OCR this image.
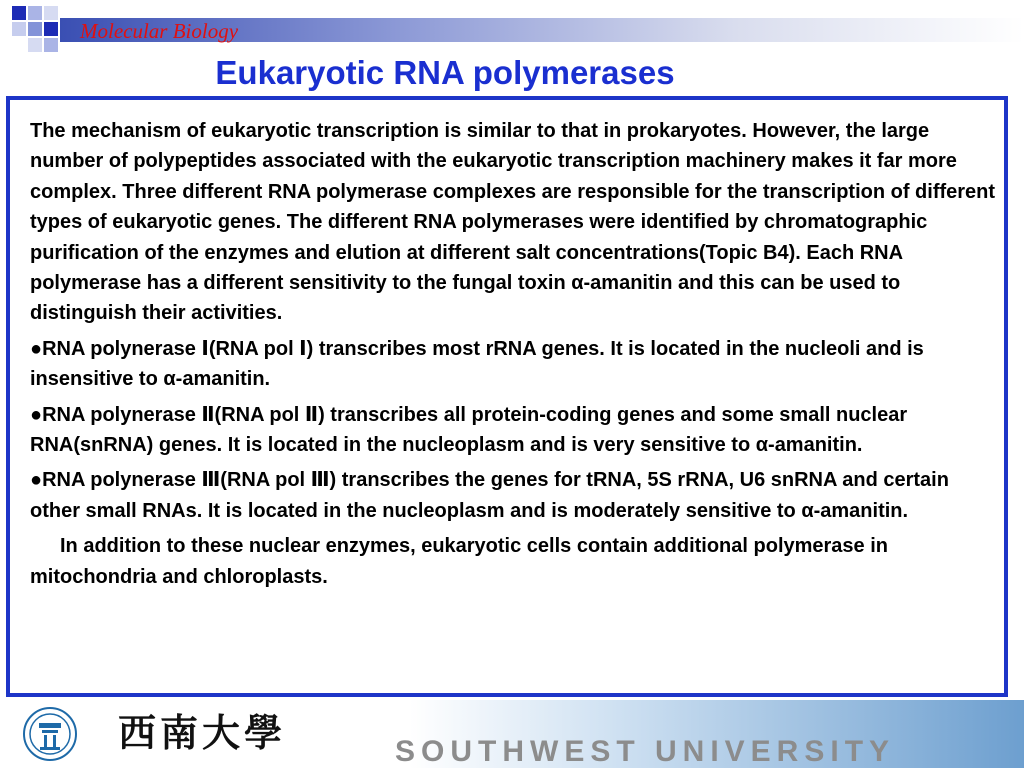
Molecular Biology
Eukaryotic RNA polymerases

The mechanism of eukaryotic transcription is similar to that in prokaryotes. However, the large number of polypeptides associated with the eukaryotic transcription machinery makes it far more complex. Three different RNA polymerase complexes are responsible for the transcription of different types of eukaryotic genes. The different RNA polymerases were identified by chromatographic purification of the enzymes and elution at different salt concentrations(Topic B4). Each RNA polymerase has a different sensitivity to the fungal toxin α-amanitin and this can be used to distinguish their activities.

●RNA polynerase Ⅰ(RNA pol Ⅰ) transcribes most rRNA genes. It is located in the nucleoli and is insensitive to α-amanitin.

●RNA polynerase Ⅱ(RNA pol Ⅱ) transcribes all protein-coding genes and some small nuclear RNA(snRNA) genes. It is located in the nucleoplasm and is very sensitive to α-amanitin.

●RNA polynerase Ⅲ(RNA pol Ⅲ) transcribes the genes for tRNA, 5S rRNA, U6 snRNA and certain other small RNAs. It is located in the nucleoplasm and is moderately sensitive to α-amanitin.

In addition to these nuclear enzymes, eukaryotic cells contain additional polymerase in mitochondria and chloroplasts.

西南大學	SOUTHWEST UNIVERSITY
